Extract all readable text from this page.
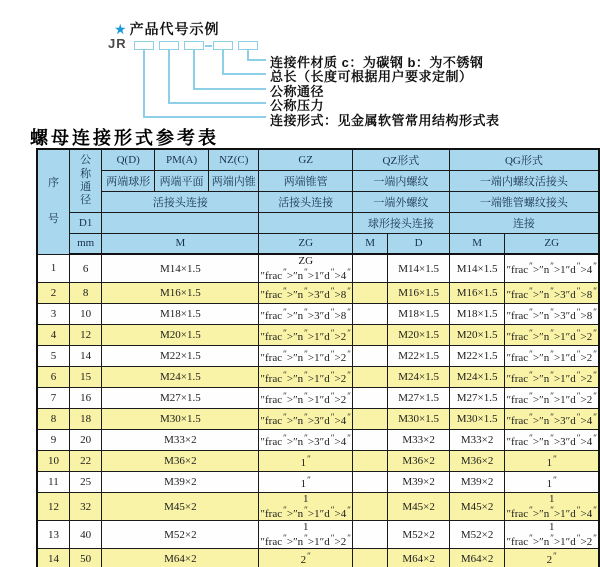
★ 产品代号示例
JR
连接件材质 c：为碳钢 b：为不锈钢
总长（长度可根据用户要求定制）
公称通径
公称压力
连接形式：见金属软管常用结构形式表
螺母连接形式参考表
序
号	公
称
通
径	Q(D)	PM(A)	NZ(C)	GZ	QZ形式		QG形式	
		两端球形	两端平面	两端内锥	两端锥管	一端内螺纹		一端内螺纹活接头	
		活接头连接			活接头连接	一端外螺纹		一端锥管螺纹接头	
	D1					球形接头连接		连接	
	mm	M			ZG	M	D	M	ZG
1	6	M14×1.5			ZG ″frac″>″n″>1″d″>4″		M14×1.5	M14×1.5	″frac″>″n″>1″d″>4″
2	8	M16×1.5			″frac″>″n″>3″d″>8″		M16×1.5	M16×1.5	″frac″>″n″>3″d″>8″
3	10	M18×1.5			″frac″>″n″>3″d″>8″		M18×1.5	M18×1.5	″frac″>″n″>3″d″>8″
4	12	M20×1.5			″frac″>″n″>1″d″>2″		M20×1.5	M20×1.5	″frac″>″n″>1″d″>2″
5	14	M22×1.5			″frac″>″n″>1″d″>2″		M22×1.5	M22×1.5	″frac″>″n″>1″d″>2″
6	15	M24×1.5			″frac″>″n″>1″d″>2″		M24×1.5	M24×1.5	″frac″>″n″>1″d″>2″
7	16	M27×1.5			″frac″>″n″>1″d″>2″		M27×1.5	M27×1.5	″frac″>″n″>1″d″>2″
8	18	M30×1.5			″frac″>″n″>3″d″>4″		M30×1.5	M30×1.5	″frac″>″n″>3″d″>4″
9	20	M33×2			″frac″>″n″>3″d″>4″		M33×2	M33×2	″frac″>″n″>3″d″>4″
10	22	M36×2			1″		M36×2	M36×2	1″
11	25	M39×2			1″		M39×2	M39×2	1″
12	32	M45×2			1 ″frac″>″n″>1″d″>4″		M45×2	M45×2	1 ″frac″>″n″>1″d″>4″
13	40	M52×2			1 ″frac″>″n″>1″d″>2″		M52×2	M52×2	1 ″frac″>″n″>1″d″>2″
14	50	M64×2			2″		M64×2	M64×2	2″
